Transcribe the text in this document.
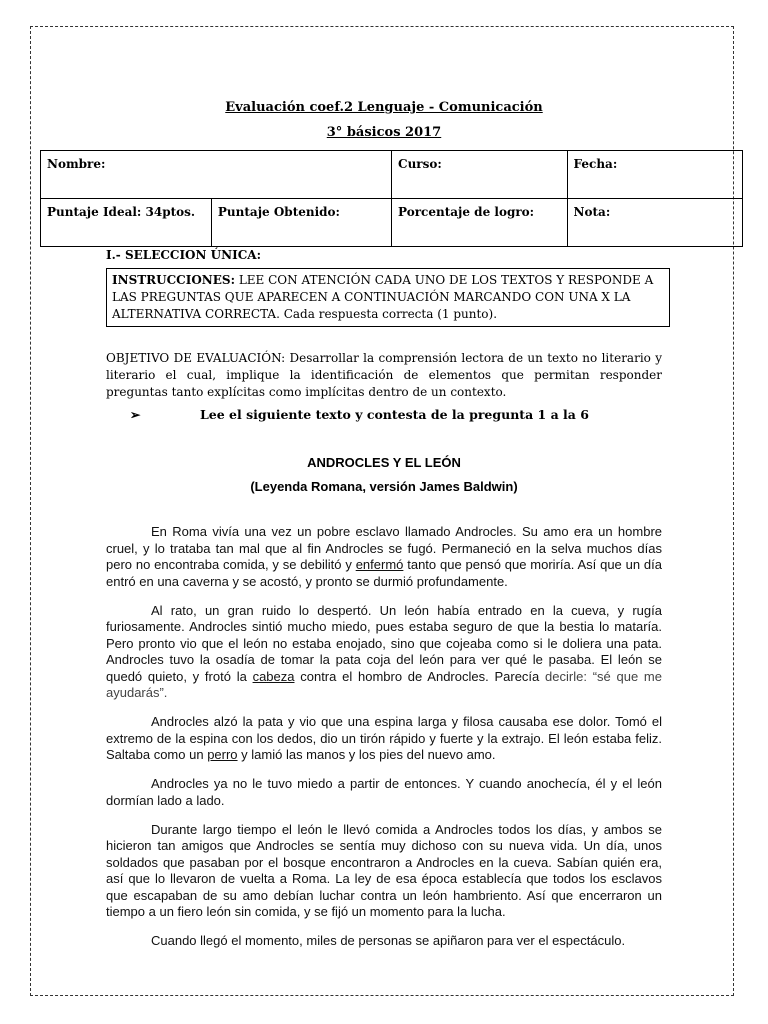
Evaluación coef.2 Lenguaje - Comunicación
3° básicos 2017
Nombre:		Curso:	Fecha:
Puntaje Ideal: 34ptos.	Puntaje Obtenido:	Porcentaje de logro:	Nota:
I.- SELECCION ÚNICA:
INSTRUCCIONES: LEE CON ATENCIÓN CADA UNO DE LOS TEXTOS Y RESPONDE A LAS PREGUNTAS QUE APARECEN A CONTINUACIÓN MARCANDO CON UNA X LA ALTERNATIVA CORRECTA. Cada respuesta correcta (1 punto).
OBJETIVO DE EVALUACIÓN: Desarrollar la comprensión lectora de un texto no literario y literario el cual, implique la identificación de elementos que permitan responder preguntas tanto explícitas como implícitas dentro de un contexto.
➢	Lee el siguiente texto y contesta de la pregunta 1 a la 6
ANDROCLES Y EL LEÓN
(Leyenda Romana, versión James Baldwin)

En Roma vivía una vez un pobre esclavo llamado Androcles. Su amo era un hombre cruel, y lo trataba tan mal que al fin Androcles se fugó. Permaneció en la selva muchos días pero no encontraba comida, y se debilitó y enfermó tanto que pensó que moriría. Así que un día entró en una caverna y se acostó, y pronto se durmió profundamente.

Al rato, un gran ruido lo despertó. Un león había entrado en la cueva, y rugía furiosamente. Androcles sintió mucho miedo, pues estaba seguro de que la bestia lo mataría. Pero pronto vio que el león no estaba enojado, sino que cojeaba como si le doliera una pata. Androcles tuvo la osadía de tomar la pata coja del león para ver qué le pasaba. El león se quedó quieto, y frotó la cabeza contra el hombro de Androcles. Parecía decirle: “sé que me ayudarás”.

Androcles alzó la pata y vio que una espina larga y filosa causaba ese dolor. Tomó el extremo de la espina con los dedos, dio un tirón rápido y fuerte y la extrajo. El león estaba feliz. Saltaba como un perro y lamió las manos y los pies del nuevo amo.

Androcles ya no le tuvo miedo a partir de entonces. Y cuando anochecía, él y el león dormían lado a lado.

Durante largo tiempo el león le llevó comida a Androcles todos los días, y ambos se hicieron tan amigos que Androcles se sentía muy dichoso con su nueva vida. Un día, unos soldados que pasaban por el bosque encontraron a Androcles en la cueva. Sabían quién era, así que lo llevaron de vuelta a Roma. La ley de esa época establecía que todos los esclavos que escapaban de su amo debían luchar contra un león hambriento. Así que encerraron un tiempo a un fiero león sin comida, y se fijó un momento para la lucha.

Cuando llegó el momento, miles de personas se apiñaron para ver el espectáculo.
